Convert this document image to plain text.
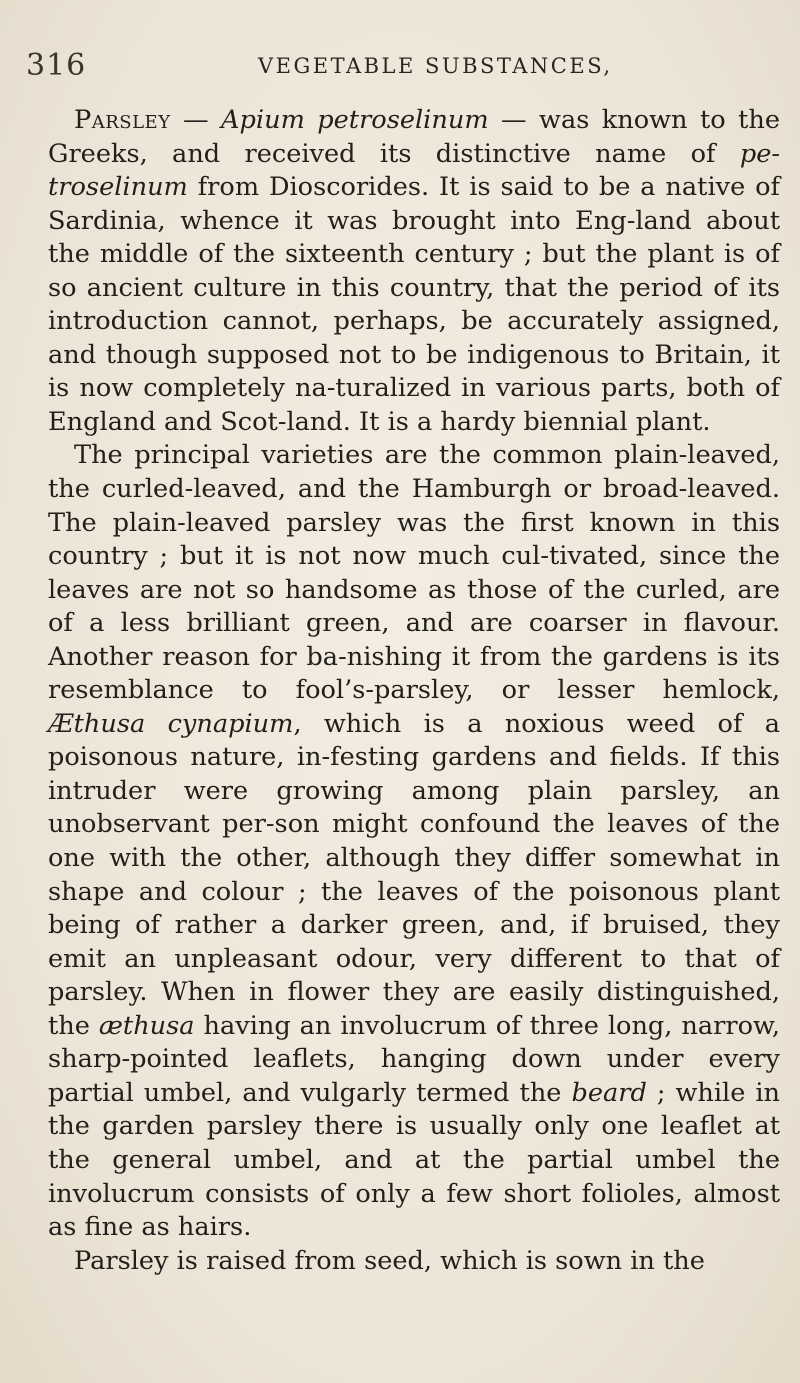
316	VEGETABLE SUBSTANCES,

Parsley — Apium petroselinum — was known to the Greeks, and received its distinctive name of pe-troselinum from Dioscorides. It is said to be a native of Sardinia, whence it was brought into Eng-land about the middle of the sixteenth century ; but the plant is of so ancient culture in this country, that the period of its introduction cannot, perhaps, be accurately assigned, and though supposed not to be indigenous to Britain, it is now completely na-turalized in various parts, both of England and Scot-land. It is a hardy biennial plant.

The principal varieties are the common plain-leaved, the curled-leaved, and the Hamburgh or broad-leaved. The plain-leaved parsley was the first known in this country ; but it is not now much cul-tivated, since the leaves are not so handsome as those of the curled, are of a less brilliant green, and are coarser in flavour. Another reason for ba-nishing it from the gardens is its resemblance to fool’s-parsley, or lesser hemlock, Æthusa cynapium, which is a noxious weed of a poisonous nature, in-festing gardens and fields. If this intruder were growing among plain parsley, an unobservant per-son might confound the leaves of the one with the other, although they differ somewhat in shape and colour ; the leaves of the poisonous plant being of rather a darker green, and, if bruised, they emit an unpleasant odour, very different to that of parsley. When in flower they are easily distinguished, the æthusa having an involucrum of three long, narrow, sharp-pointed leaflets, hanging down under every partial umbel, and vulgarly termed the beard ; while in the garden parsley there is usually only one leaflet at the general umbel, and at the partial umbel the involucrum consists of only a few short folioles, almost as fine as hairs.

Parsley is raised from seed, which is sown in the
